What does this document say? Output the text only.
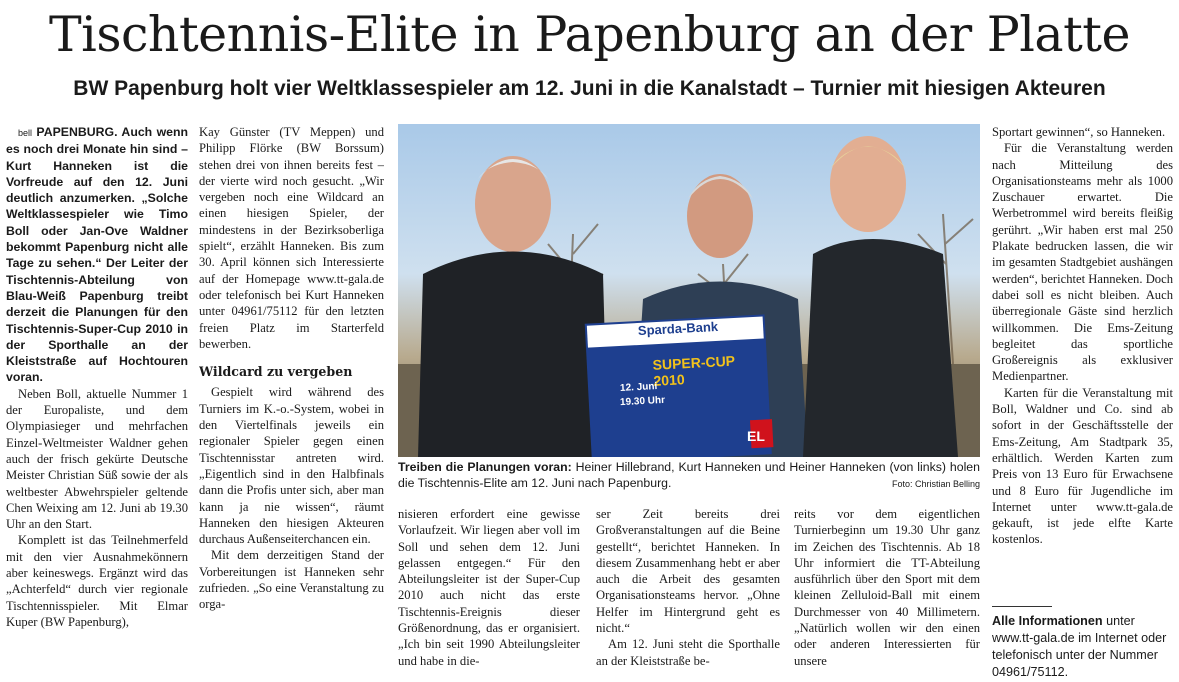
Tischtennis-Elite in Papenburg an der Platte
BW Papenburg holt vier Weltklassespieler am 12. Juni in die Kanalstadt – Turnier mit hiesigen Akteuren

bell PAPENBURG. Auch wenn es noch drei Monate hin sind – Kurt Hanneken ist die Vorfreude auf den 12. Juni deutlich anzumerken. „Solche Weltklassespieler wie Timo Boll oder Jan-Ove Waldner bekommt Papenburg nicht alle Tage zu sehen.“ Der Leiter der Tischtennis-Abteilung von Blau-Weiß Papenburg treibt derzeit die Planungen für den Tischtennis-Super-Cup 2010 in der Sporthalle an der Kleiststraße auf Hochtouren voran.

Neben Boll, aktuelle Nummer 1 der Europaliste, und dem Olympiasieger und mehrfachen Einzel-Weltmeister Waldner gehen auch der frisch gekürte Deutsche Meister Christian Süß sowie der als weltbester Abwehrspieler geltende Chen Weixing am 12. Juni ab 19.30 Uhr an den Start.

Komplett ist das Teilnehmerfeld mit den vier Ausnahmekönnern aber keineswegs. Ergänzt wird das „Achterfeld“ durch vier regionale Tischtennisspieler. Mit Elmar Kuper (BW Papenburg),

Kay Günster (TV Meppen) und Philipp Flörke (BW Borssum) stehen drei von ihnen bereits fest – der vierte wird noch gesucht. „Wir vergeben noch eine Wildcard an einen hiesigen Spieler, der mindestens in der Bezirksoberliga spielt“, erzählt Hanneken. Bis zum 30. April können sich Interessierte auf der Homepage www.tt-gala.de oder telefonisch bei Kurt Hanneken unter 04961/75112 für den letzten freien Platz im Starterfeld bewerben.

Wildcard zu vergeben

Gespielt wird während des Turniers im K.-o.-System, wobei in den Viertelfinals jeweils ein regionaler Spieler gegen einen Tischtennisstar antreten wird. „Eigentlich sind in den Halbfinals dann die Profis unter sich, aber man kann ja nie wissen“, räumt Hanneken den hiesigen Akteuren durchaus Außenseiterchancen ein.

Mit dem derzeitigen Stand der Vorbereitungen ist Hanneken sehr zufrieden. „So eine Veranstaltung zu orga-

Sparda-Bank
SUPER-CUP 2010
12. Juni
19.30 Uhr
EL
Treiben die Planungen voran: Heiner Hillebrand, Kurt Hanneken und Heiner Hanneken (von links) holen die Tischtennis-Elite am 12. Juni nach Papenburg.	Foto: Christian Belling

nisieren erfordert eine gewisse Vorlaufzeit. Wir liegen aber voll im Soll und sehen dem 12. Juni gelassen entgegen.“ Für den Abteilungsleiter ist der Super-Cup 2010 auch nicht das erste Tischtennis-Ereignis dieser Größenordnung, das er organisiert. „Ich bin seit 1990 Abteilungsleiter und habe in die-

ser Zeit bereits drei Großveranstaltungen auf die Beine gestellt“, berichtet Hanneken. In diesem Zusammenhang hebt er aber auch die Arbeit des gesamten Organisationsteams hervor. „Ohne Helfer im Hintergrund geht es nicht.“

Am 12. Juni steht die Sporthalle an der Kleiststraße be-

reits vor dem eigentlichen Turnierbeginn um 19.30 Uhr ganz im Zeichen des Tischtennis. Ab 18 Uhr informiert die TT-Abteilung ausführlich über den Sport mit dem kleinen Zelluloid-Ball mit einem Durchmesser von 40 Millimetern. „Natürlich wollen wir den einen oder anderen Interessierten für unsere

Sportart gewinnen“, so Hanneken.

Für die Veranstaltung werden nach Mitteilung des Organisationsteams mehr als 1000 Zuschauer erwartet. Die Werbetrommel wird bereits fleißig gerührt. „Wir haben erst mal 250 Plakate bedrucken lassen, die wir im gesamten Stadtgebiet aushängen werden“, berichtet Hanneken. Doch dabei soll es nicht bleiben. Auch überregionale Gäste sind herzlich willkommen. Die Ems-Zeitung begleitet das sportliche Großereignis als exklusiver Medienpartner.

Karten für die Veranstaltung mit Boll, Waldner und Co. sind ab sofort in der Geschäftsstelle der Ems-Zeitung, Am Stadtpark 35, erhältlich. Werden Karten zum Preis von 13 Euro für Erwachsene und 8 Euro für Jugendliche im Internet unter www.tt-gala.de gekauft, ist jede elfte Karte kostenlos.

Alle Informationen unter www.tt-gala.de im Internet oder telefonisch unter der Nummer 04961/75112.
